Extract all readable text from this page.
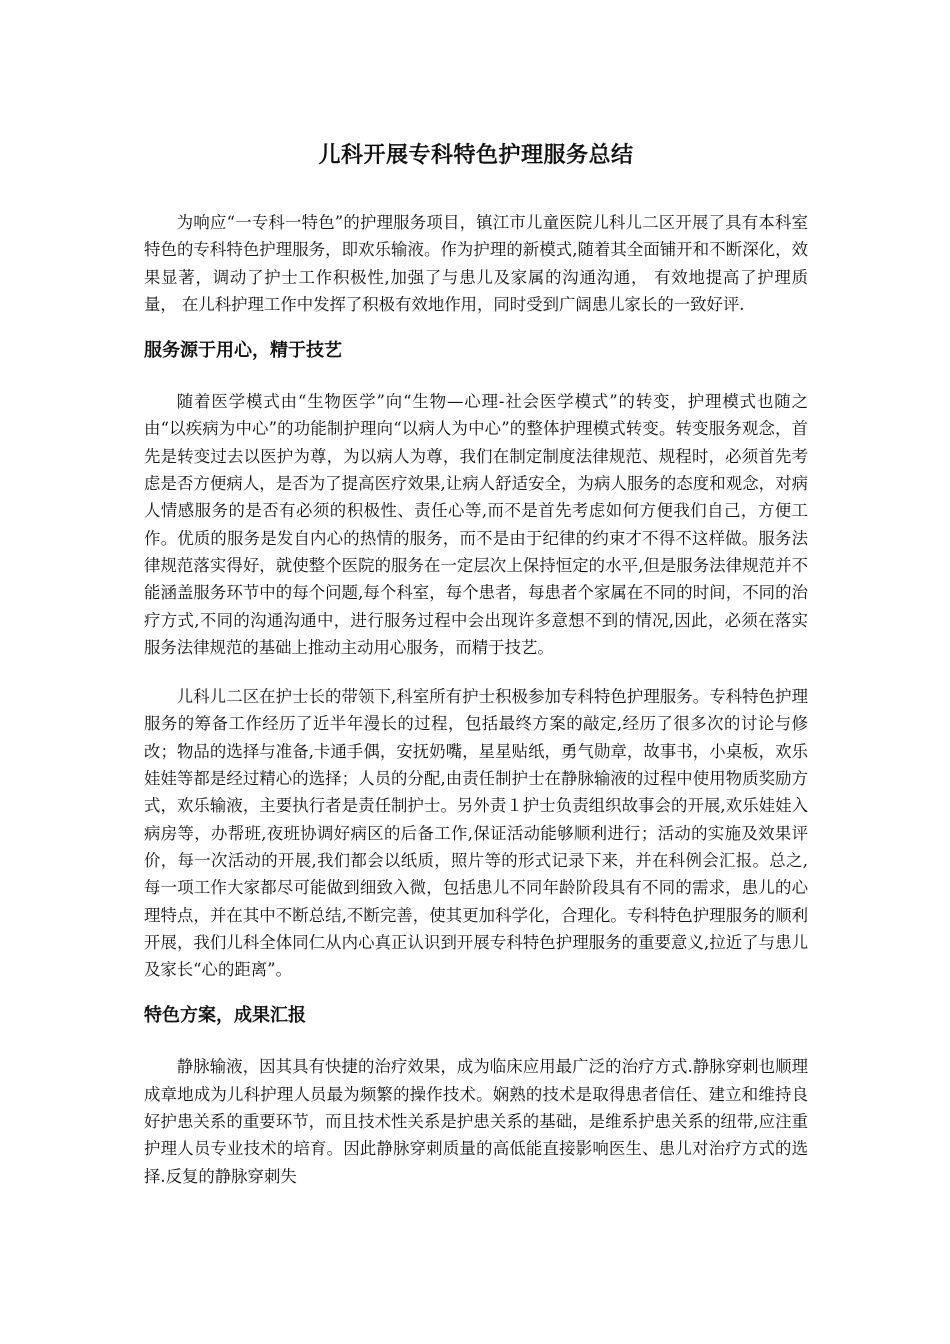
儿科开展专科特色护理服务总结

为响应“一专科一特色”的护理服务项目，镇江市儿童医院儿科儿二区开展了具有本科室特色的专科特色护理服务，即欢乐输液。作为护理的新模式,随着其全面铺开和不断深化，效果显著，调动了护士工作积极性,加强了与患儿及家属的沟通沟通， 有效地提高了护理质量， 在儿科护理工作中发挥了积极有效地作用，同时受到广阔患儿家长的一致好评.

服务源于用心，精于技艺

随着医学模式由“生物医学”向“生物—心理-社会医学模式”的转变，护理模式也随之由“以疾病为中心”的功能制护理向“以病人为中心”的整体护理模式转变。转变服务观念，首先是转变过去以医护为尊，为以病人为尊，我们在制定制度法律规范、规程时，必须首先考虑是否方便病人，是否为了提高医疗效果,让病人舒适安全，为病人服务的态度和观念，对病人情感服务的是否有必须的积极性、责任心等,而不是首先考虑如何方便我们自己，方便工作。优质的服务是发自内心的热情的服务，而不是由于纪律的约束才不得不这样做。服务法律规范落实得好，就使整个医院的服务在一定层次上保持恒定的水平,但是服务法律规范并不能涵盖服务环节中的每个问题,每个科室，每个患者，每患者个家属在不同的时间，不同的治疗方式,不同的沟通沟通中，进行服务过程中会出现许多意想不到的情况,因此，必须在落实服务法律规范的基础上推动主动用心服务，而精于技艺。

儿科儿二区在护士长的带领下,科室所有护士积极参加专科特色护理服务。专科特色护理服务的筹备工作经历了近半年漫长的过程，包括最终方案的敲定,经历了很多次的讨论与修改；物品的选择与准备,卡通手偶，安抚奶嘴，星星贴纸，勇气勋章，故事书，小桌板，欢乐娃娃等都是经过精心的选择；人员的分配,由责任制护士在静脉输液的过程中使用物质奖励方式，欢乐输液，主要执行者是责任制护士。另外责１护士负责组织故事会的开展,欢乐娃娃入病房等，办帮班,夜班协调好病区的后备工作,保证活动能够顺利进行；活动的实施及效果评价，每一次活动的开展,我们都会以纸质，照片等的形式记录下来，并在科例会汇报。总之,每一项工作大家都尽可能做到细致入微，包括患儿不同年龄阶段具有不同的需求，患儿的心理特点，并在其中不断总结,不断完善，使其更加科学化，合理化。专科特色护理服务的顺利开展，我们儿科全体同仁从内心真正认识到开展专科特色护理服务的重要意义,拉近了与患儿及家长“心的距离”。

特色方案，成果汇报

静脉输液，因其具有快捷的治疗效果，成为临床应用最广泛的治疗方式.静脉穿刺也顺理成章地成为儿科护理人员最为频繁的操作技术。娴熟的技术是取得患者信任、建立和维持良好护患关系的重要环节，而且技术性关系是护患关系的基础，是维系护患关系的纽带,应注重护理人员专业技术的培育。因此静脉穿刺质量的高低能直接影响医生、患儿对治疗方式的选择.反复的静脉穿刺失
